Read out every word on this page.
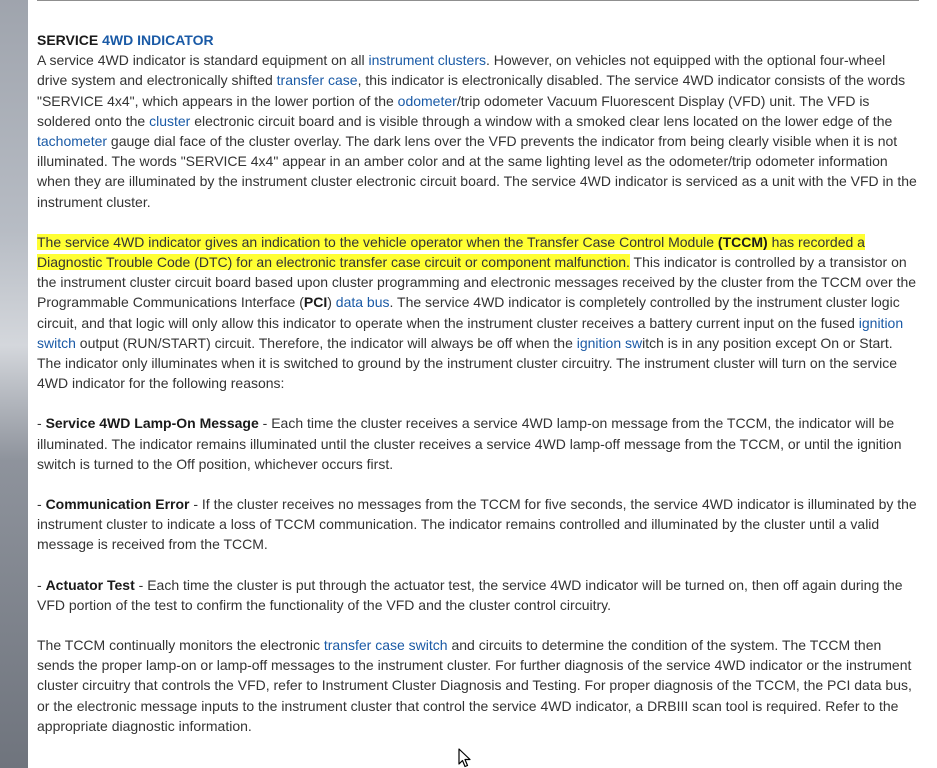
SERVICE 4WD INDICATOR
A service 4WD indicator is standard equipment on all instrument clusters. However, on vehicles not equipped with the optional four-wheel drive system and electronically shifted transfer case, this indicator is electronically disabled. The service 4WD indicator consists of the words "SERVICE 4x4", which appears in the lower portion of the odometer/trip odometer Vacuum Fluorescent Display (VFD) unit. The VFD is soldered onto the cluster electronic circuit board and is visible through a window with a smoked clear lens located on the lower edge of the tachometer gauge dial face of the cluster overlay. The dark lens over the VFD prevents the indicator from being clearly visible when it is not illuminated. The words "SERVICE 4x4" appear in an amber color and at the same lighting level as the odometer/trip odometer information when they are illuminated by the instrument cluster electronic circuit board. The service 4WD indicator is serviced as a unit with the VFD in the instrument cluster.
The service 4WD indicator gives an indication to the vehicle operator when the Transfer Case Control Module (TCCM) has recorded a Diagnostic Trouble Code (DTC) for an electronic transfer case circuit or component malfunction. This indicator is controlled by a transistor on the instrument cluster circuit board based upon cluster programming and electronic messages received by the cluster from the TCCM over the Programmable Communications Interface (PCI) data bus. The service 4WD indicator is completely controlled by the instrument cluster logic circuit, and that logic will only allow this indicator to operate when the instrument cluster receives a battery current input on the fused ignition switch output (RUN/START) circuit. Therefore, the indicator will always be off when the ignition switch is in any position except On or Start. The indicator only illuminates when it is switched to ground by the instrument cluster circuitry. The instrument cluster will turn on the service 4WD indicator for the following reasons:
- Service 4WD Lamp-On Message - Each time the cluster receives a service 4WD lamp-on message from the TCCM, the indicator will be illuminated. The indicator remains illuminated until the cluster receives a service 4WD lamp-off message from the TCCM, or until the ignition switch is turned to the Off position, whichever occurs first.
- Communication Error - If the cluster receives no messages from the TCCM for five seconds, the service 4WD indicator is illuminated by the instrument cluster to indicate a loss of TCCM communication. The indicator remains controlled and illuminated by the cluster until a valid message is received from the TCCM.
- Actuator Test - Each time the cluster is put through the actuator test, the service 4WD indicator will be turned on, then off again during the VFD portion of the test to confirm the functionality of the VFD and the cluster control circuitry.
The TCCM continually monitors the electronic transfer case switch and circuits to determine the condition of the system. The TCCM then sends the proper lamp-on or lamp-off messages to the instrument cluster. For further diagnosis of the service 4WD indicator or the instrument cluster circuitry that controls the VFD, refer to Instrument Cluster Diagnosis and Testing. For proper diagnosis of the TCCM, the PCI data bus, or the electronic message inputs to the instrument cluster that control the service 4WD indicator, a DRBIII scan tool is required. Refer to the appropriate diagnostic information.
